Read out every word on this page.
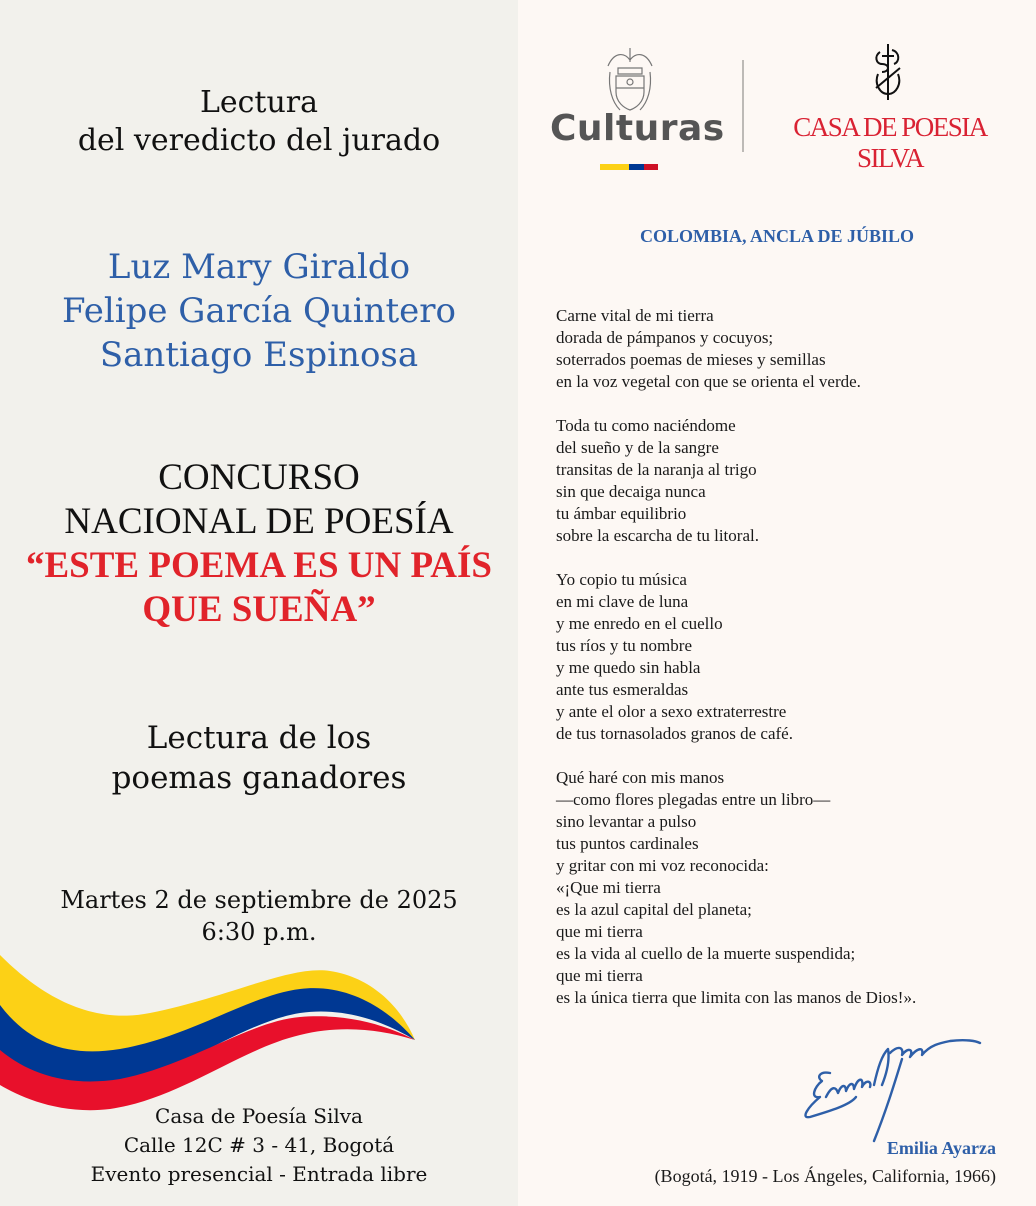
Lectura
del veredicto del jurado
Luz Mary Giraldo
Felipe García Quintero
Santiago Espinosa
CONCURSO
NACIONAL DE POESÍA
“ESTE POEMA ES UN PAÍS
QUE SUEÑA”
Lectura de los
poemas ganadores
Martes 2 de septiembre de 2025
6:30 p.m.
Casa de Poesía Silva
Calle 12C # 3 - 41, Bogotá
Evento presencial - Entrada libre
Culturas	CASA DE POESIA SILVA
COLOMBIA, ANCLA DE JÚBILO
Carne vital de mi tierra
dorada de pámpanos y cocuyos;
soterrados poemas de mieses y semillas
en la voz vegetal con que se orienta el verde.
Toda tu como naciéndome
del sueño y de la sangre
transitas de la naranja al trigo
sin que decaiga nunca
tu ámbar equilibrio
sobre la escarcha de tu litoral.
Yo copio tu música
en mi clave de luna
y me enredo en el cuello
tus ríos y tu nombre
y me quedo sin habla
ante tus esmeraldas
y ante el olor a sexo extraterrestre
de tus tornasolados granos de café.
Qué haré con mis manos
—como flores plegadas entre un libro—
sino levantar a pulso
tus puntos cardinales
y gritar con mi voz reconocida:
«¡Que mi tierra
es la azul capital del planeta;
que mi tierra
es la vida al cuello de la muerte suspendida;
que mi tierra
es la única tierra que limita con las manos de Dios!».
Emilia Ayarza
(Bogotá, 1919 - Los Ángeles, California, 1966)
